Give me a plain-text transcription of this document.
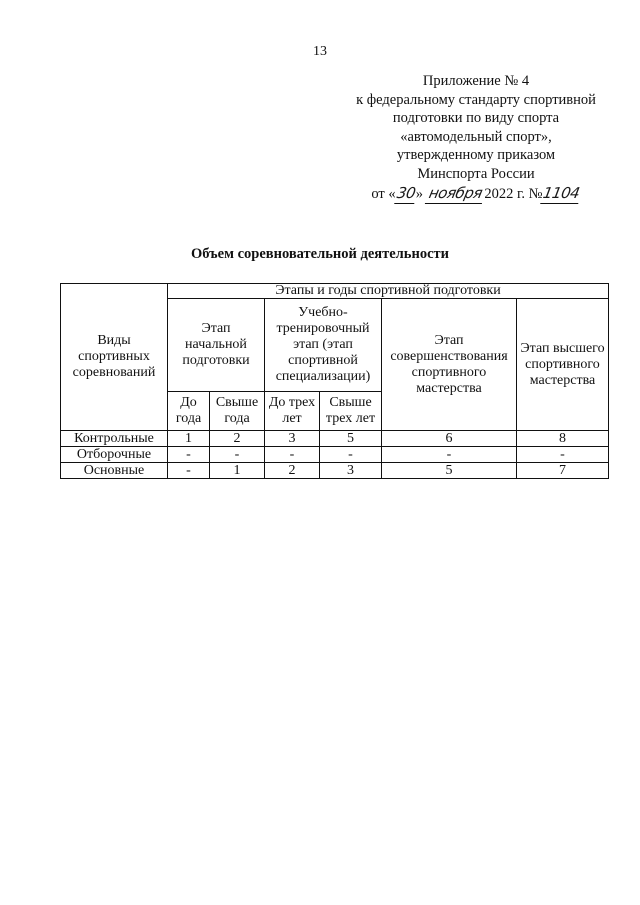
13
Приложение № 4
к федеральному стандарту спортивной
подготовки по виду спорта
«автомодельный спорт»,
утвержденному приказом
Минспорта России
от «30» ноября2022 г. №1104
Объем соревновательной деятельности
Виды спортивных соревнований	Этапы и годы спортивной подготовки					
	Этап начальной подготовки		Учебно-тренировочный этап (этап спортивной специализации)		Этап совершенствования спортивного мастерства	Этап высшего спортивного мастерства
	До года	Свыше года	До трех лет	Свыше трех лет		
Контрольные	1	2	3	5	6	8
Отборочные	-	-	-	-	-	-
Основные	-	1	2	3	5	7
